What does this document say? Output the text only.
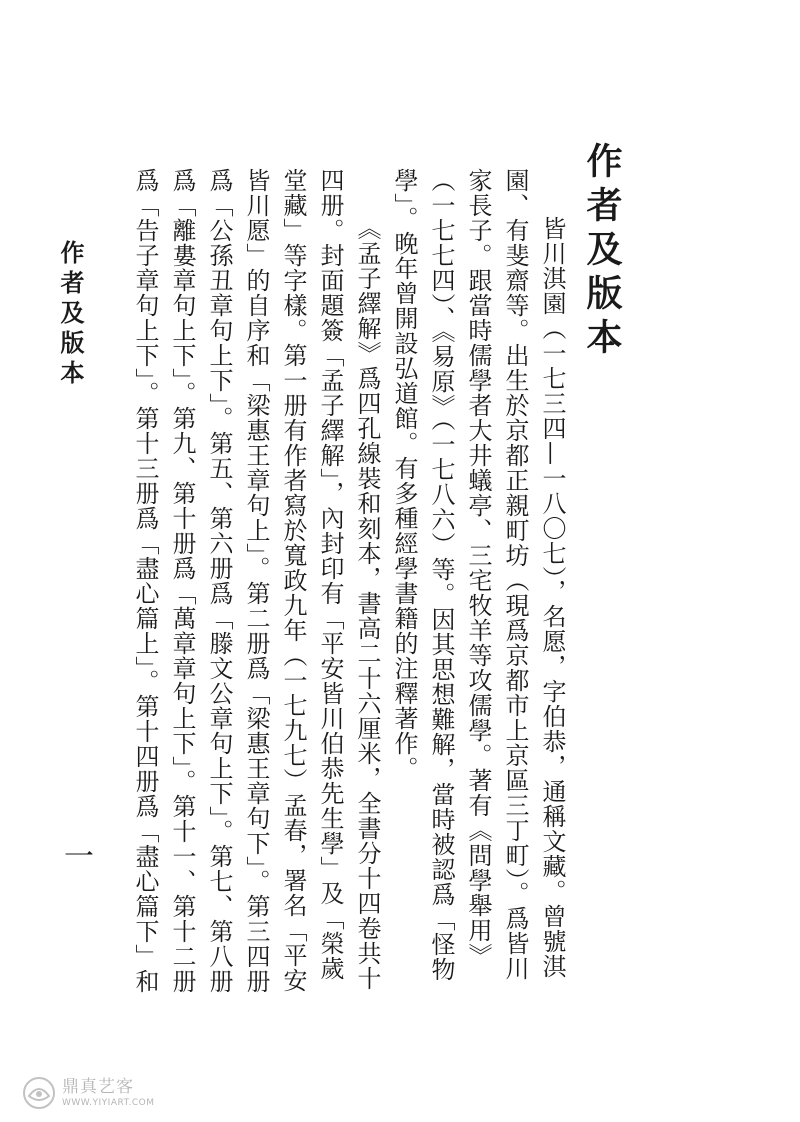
作者及版本
一
作者及版本

皆川淇園（一七三四—一八〇七），名愿，字伯恭，通稱文藏。曾號淇園、有斐齋等。出生於京都正親町坊（現爲京都市上京區三丁町）。爲皆川家長子。跟當時儒學者大井蟻亭、三宅牧羊等攻儒學。著有《問學舉用》（一七七四）、《易原》（一七八六）等。因其思想難解，當時被認爲「怪物學」。晚年曾開設弘道館。有多種經學書籍的注釋著作。

《孟子繹解》爲四孔線裝和刻本，書高二十六厘米，全書分十四卷共十四册。封面題簽「孟子繹解」，內封印有「平安皆川伯恭先生學」及「榮歲堂藏」等字樣。第一册有作者寫於寬政九年（一七九七）孟春，署名「平安皆川愿」的自序和「梁惠王章句上」。第二册爲「梁惠王章句下」。第三四册爲「公孫丑章句上下」。第五、第六册爲「滕文公章句上下」。第七、第八册爲「離婁章句上下」。第九、第十册爲「萬章章句上下」。第十一、第十二册爲「告子章句上下」。第十三册爲「盡心篇上」。第十四册爲「盡心篇下」和

鼎真艺客
WWW.YIYIART.COM
